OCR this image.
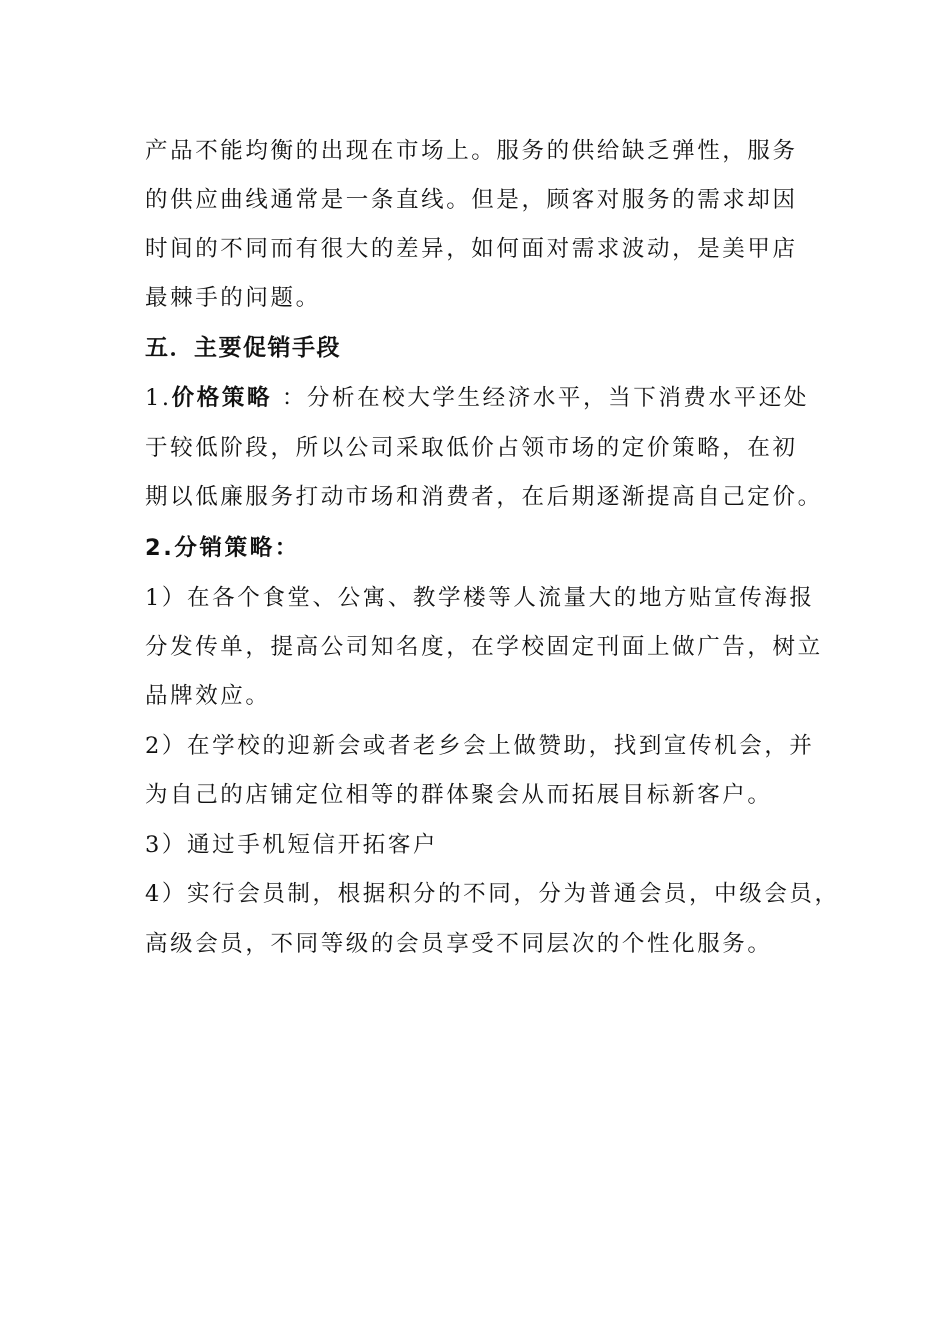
产品不能均衡的出现在市场上。服务的供给缺乏弹性，服务
的供应曲线通常是一条直线。但是，顾客对服务的需求却因
时间的不同而有很大的差异，如何面对需求波动，是美甲店
最棘手的问题。
五．主要促销手段
1.价格策略 ：分析在校大学生经济水平，当下消费水平还处
于较低阶段，所以公司采取低价占领市场的定价策略，在初
期以低廉服务打动市场和消费者，在后期逐渐提高自己定价。
2.分销策略：
1）在各个食堂、公寓、教学楼等人流量大的地方贴宣传海报
分发传单，提高公司知名度，在学校固定刊面上做广告，树立
品牌效应。
2）在学校的迎新会或者老乡会上做赞助，找到宣传机会，并
为自己的店铺定位相等的群体聚会从而拓展目标新客户。
3）通过手机短信开拓客户
4）实行会员制，根据积分的不同，分为普通会员，中级会员，
高级会员，不同等级的会员享受不同层次的个性化服务。
